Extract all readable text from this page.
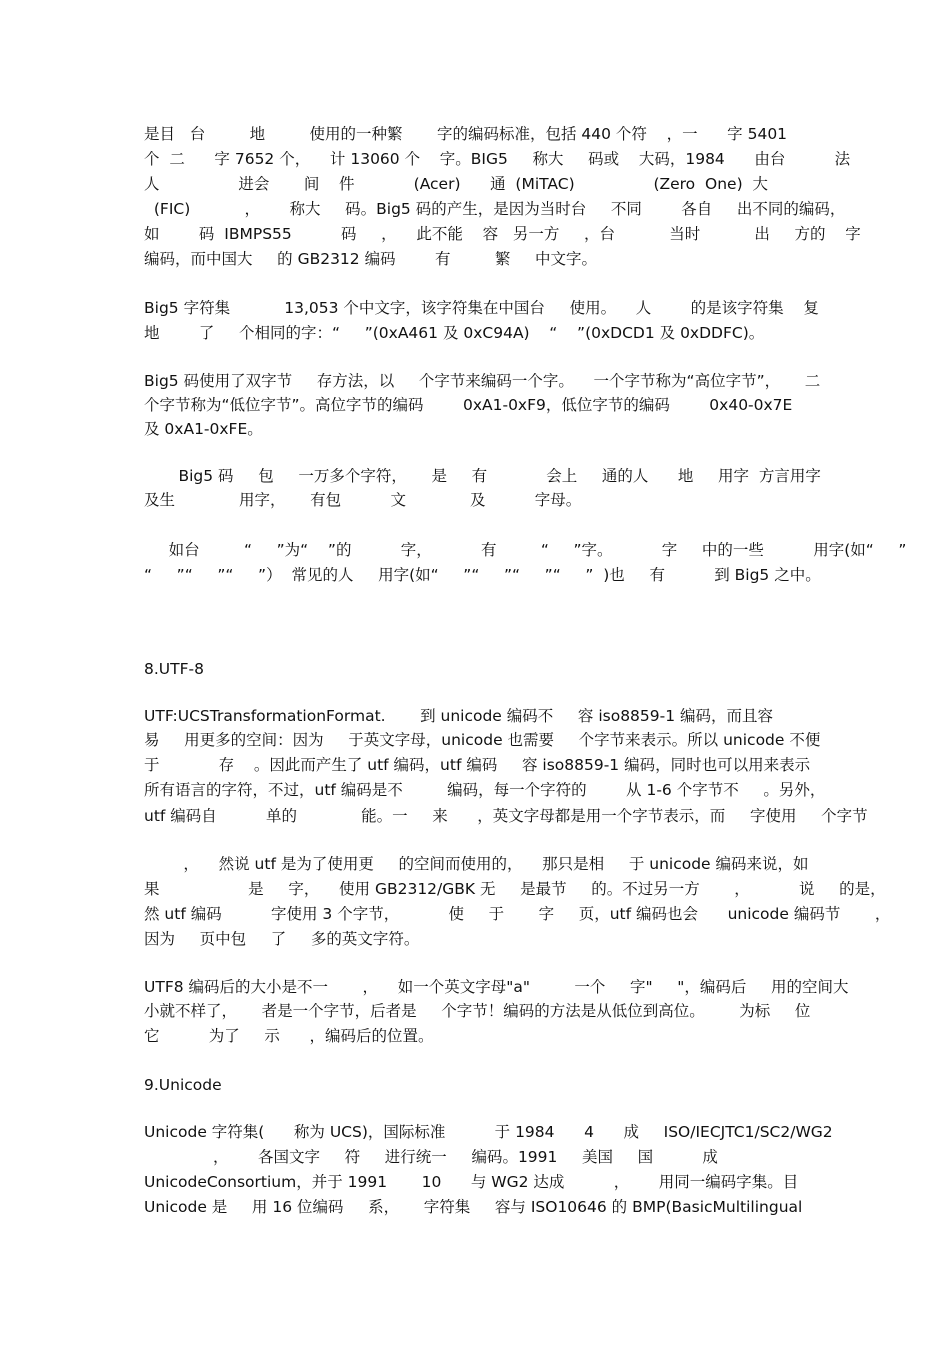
是目   台         地         使用的一种繁       字的编码标准，包括 440 个符    ，一      字 5401

个  二      字 7652 个，    计 13060 个    字。BIG5     称大     码或    大码，1984      由台          法

人                进会       间    件            (Acer)      通  (MiTAC)                (Zero  One)  大

(FIC)           ，      称大     码。Big5 码的产生，是因为当时台     不同        各自     出不同的编码，

如        码  IBMPS55          码     ，    此不能    容   另一方     ，台           当时           出     方的    字

编码，而中国大     的 GB2312 编码        有         繁     中文字。

Big5 字符集           13,053 个中文字，该字符集在中国台     使用。    人        的是该字符集    复

地        了     个相同的字：“     ”(0xA461 及 0xC94A)    “    ”(0xDCD1 及 0xDDFC)。

Big5 码使用了双字节     存方法，以     个字节来编码一个字。    一个字节称为“高位字节”，     二

个字节称为“低位字节”。高位字节的编码        0xA1-0xF9，低位字节的编码        0x40-0x7E

及 0xA1-0xFE。

Big5 码     包     一万多个字符，     是     有            会上     通的人      地     用字  方言用字

及生             用字，     有包          文             及          字母。

如台         “     ”为“    ”的          字，          有         “     ”字。          字     中的一些          用字(如“     ”

“     ”“     ”“     ”）  常见的人     用字(如“     ”“     ”“     ”“     ”  )也     有          到 Big5 之中。

8.UTF-8

UTF:UCSTransformationFormat.       到 unicode 编码不     容 iso8859-1 编码，而且容

易     用更多的空间：因为     于英文字母，unicode 也需要     个字节来表示。所以 unicode 不便

于            存    。因此而产生了 utf 编码，utf 编码     容 iso8859-1 编码，同时也可以用来表示

所有语言的字符，不过，utf 编码是不         编码，每一个字符的        从 1-6 个字节不     。另外，

utf 编码自          单的             能。一     来      ，英文字母都是用一个字节表示，而     字使用     个字节

，    然说 utf 是为了使用更     的空间而使用的，    那只是相     于 unicode 编码来说，如

果                  是     字，    使用 GB2312/GBK 无     是最节     的。不过另一方       ，          说     的是，

然 utf 编码          字使用 3 个字节，          使     于       字     页，utf 编码也会      unicode 编码节       ，

因为     页中包     了     多的英文字符。

UTF8 编码后的大小是不一       ，    如一个英文字母"a"         一个     字"     "，编码后     用的空间大

小就不样了，     者是一个字节，后者是     个字节！编码的方法是从低位到高位。       为标     位

它          为了     示      ，编码后的位置。

9.Unicode

Unicode 字符集(      称为 UCS)，国际标准          于 1984      4      成     ISO/IECJTC1/SC2/WG2

，      各国文字     符     进行统一     编码。1991     美国     国          成

UnicodeConsortium，并于 1991       10      与 WG2 达成          ，      用同一编码字集。目

Unicode 是     用 16 位编码     系，     字符集     容与 ISO10646 的 BMP(BasicMultilingual
